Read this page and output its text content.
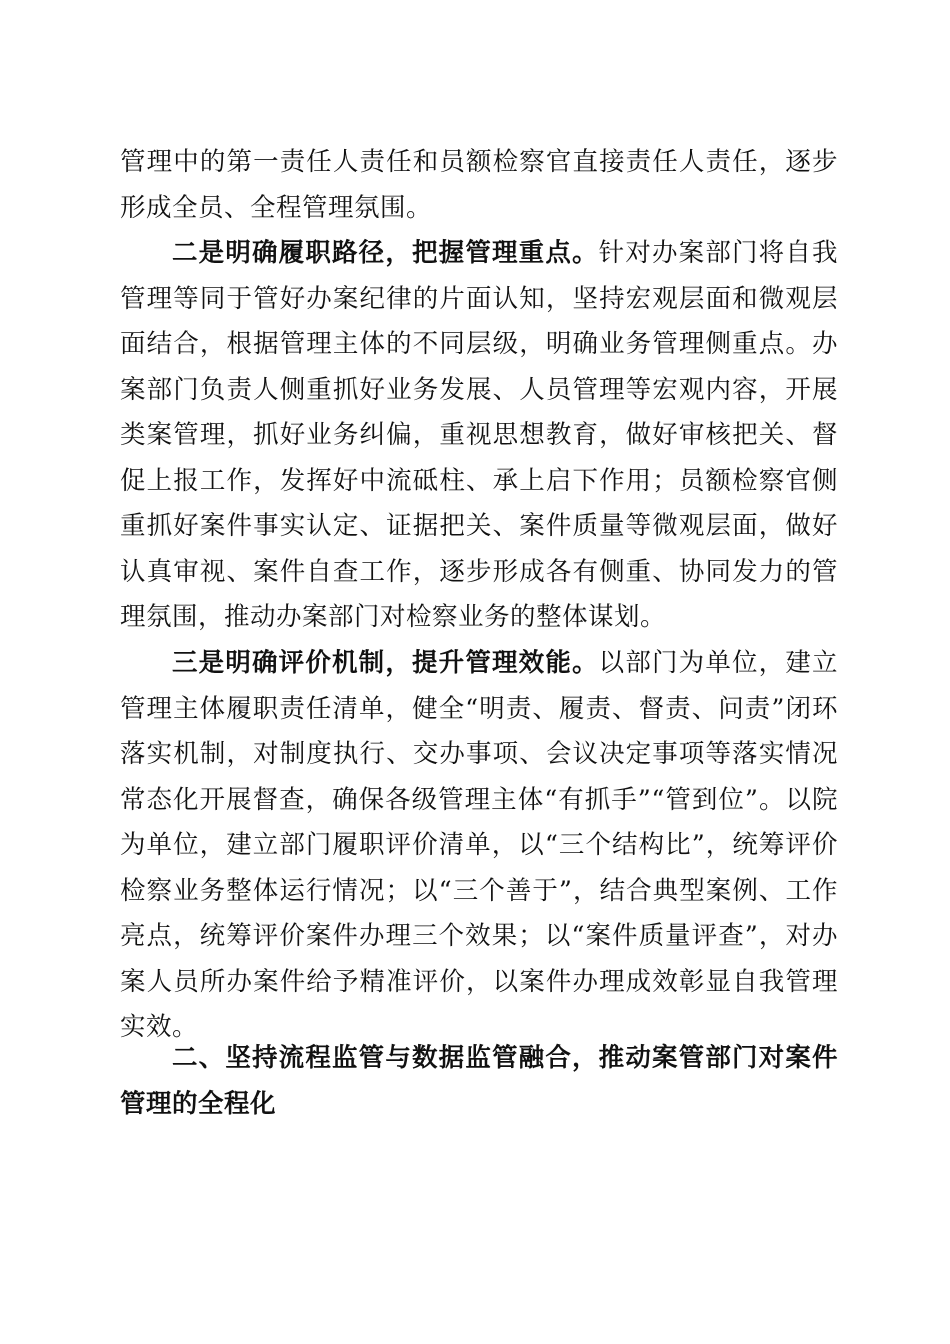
管理中的第一责任人责任和员额检察官直接责任人责任，逐步形成全员、全程管理氛围。
二是明确履职路径，把握管理重点。针对办案部门将自我管理等同于管好办案纪律的片面认知，坚持宏观层面和微观层面结合，根据管理主体的不同层级，明确业务管理侧重点。办案部门负责人侧重抓好业务发展、人员管理等宏观内容，开展类案管理，抓好业务纠偏，重视思想教育，做好审核把关、督促上报工作，发挥好中流砥柱、承上启下作用；员额检察官侧重抓好案件事实认定、证据把关、案件质量等微观层面，做好认真审视、案件自查工作，逐步形成各有侧重、协同发力的管理氛围，推动办案部门对检察业务的整体谋划。
三是明确评价机制，提升管理效能。以部门为单位，建立管理主体履职责任清单，健全“明责、履责、督责、问责”闭环落实机制，对制度执行、交办事项、会议决定事项等落实情况常态化开展督查，确保各级管理主体“有抓手”“管到位”。以院为单位，建立部门履职评价清单，以“三个结构比”，统筹评价检察业务整体运行情况；以“三个善于”，结合典型案例、工作亮点，统筹评价案件办理三个效果；以“案件质量评查”，对办案人员所办案件给予精准评价，以案件办理成效彰显自我管理实效。
二、坚持流程监管与数据监管融合，推动案管部门对案件管理的全程化
